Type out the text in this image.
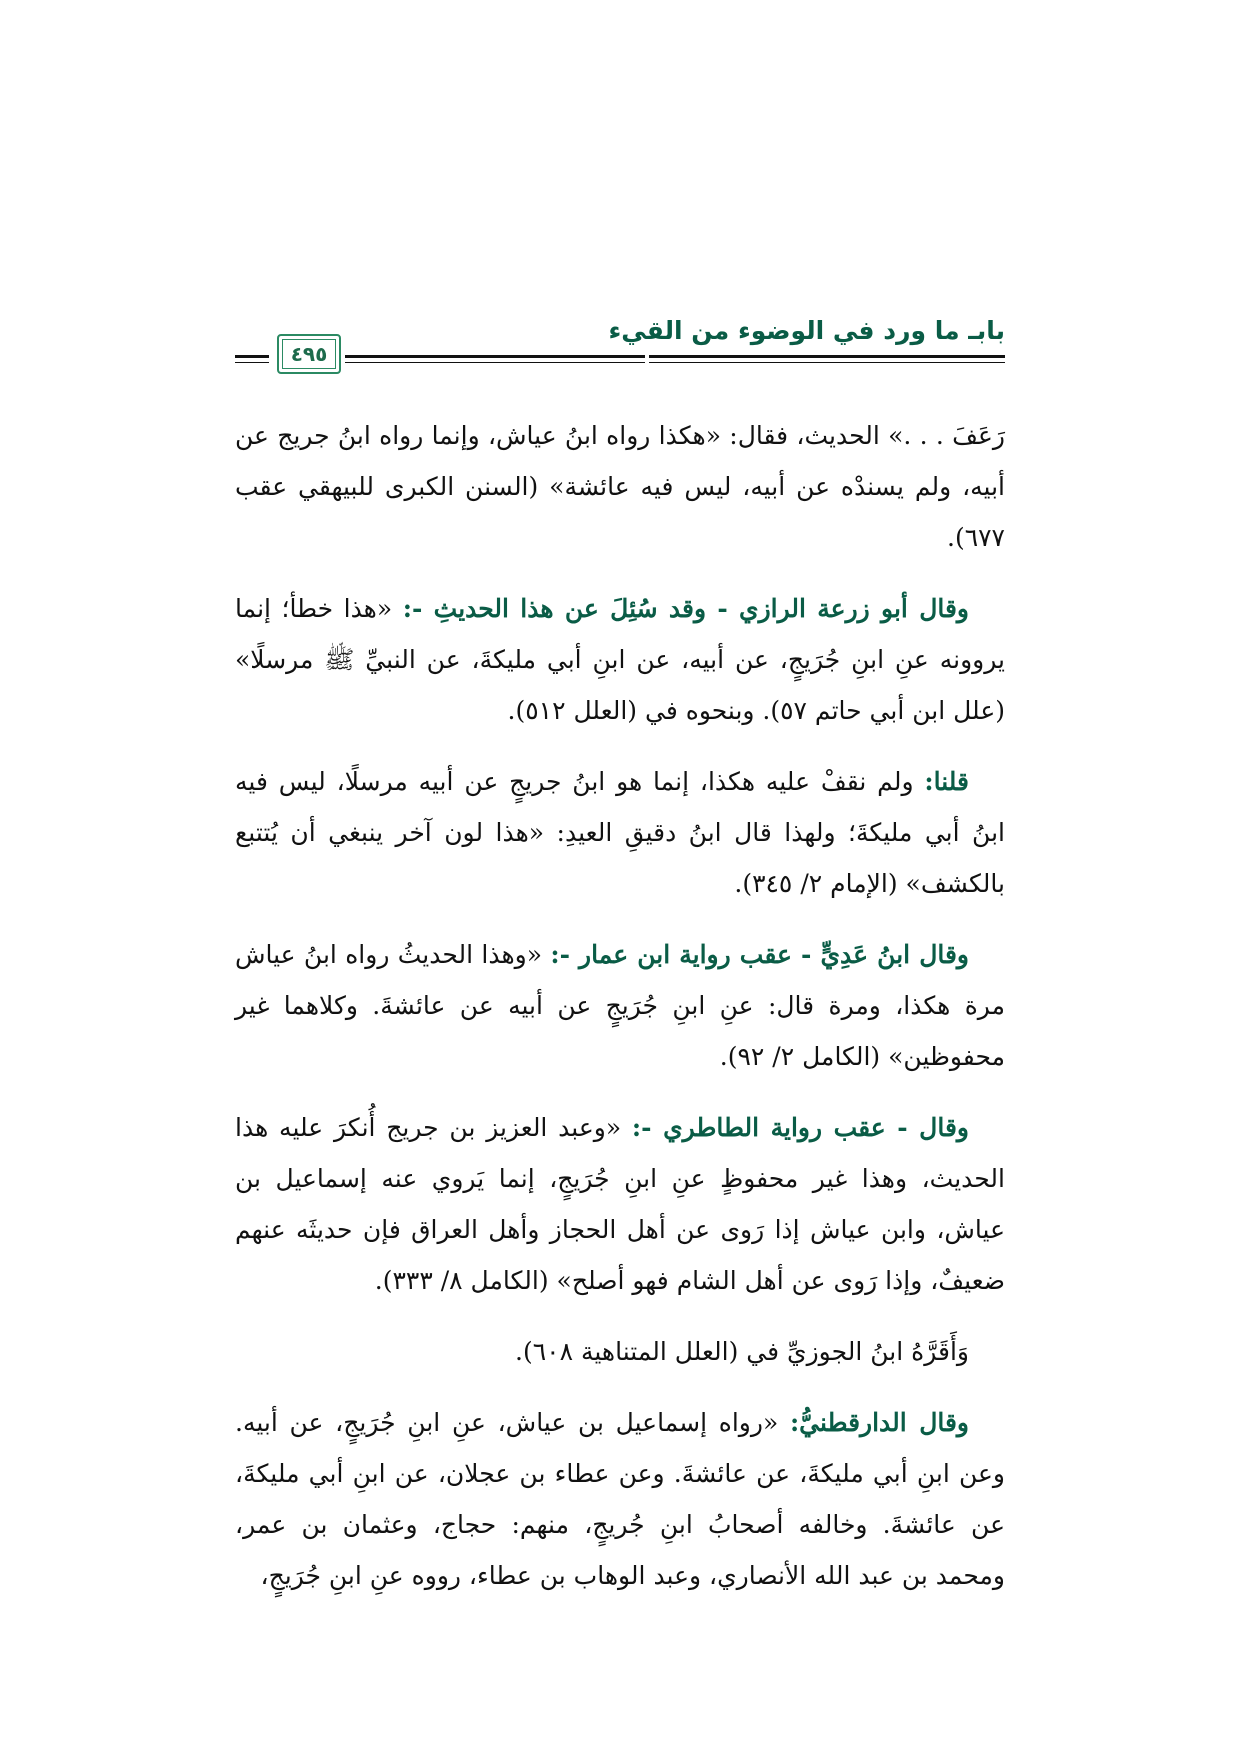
بابـ ما ورد في الوضوء من القيء
٤٩٥

رَعَفَ . . .» الحديث، فقال: «هكذا رواه ابنُ عياش، وإنما رواه ابنُ جريج عن أبيه، ولم يسندْه عن أبيه، ليس فيه عائشة» (السنن الكبرى للبيهقي عقب ٦٧٧).

وقال أبو زرعة الرازي - وقد سُئِلَ عن هذا الحديثِ -: «هذا خطأ؛ إنما يروونه عنِ ابنِ جُرَيجٍ، عن أبيه، عن ابنِ أبي مليكةَ، عن النبيِّ ﷺ مرسلًا» (علل ابن أبي حاتم ٥٧). وبنحوه في (العلل ٥١٢).

قلنا: ولم نقفْ عليه هكذا، إنما هو ابنُ جريجٍ عن أبيه مرسلًا، ليس فيه ابنُ أبي مليكةَ؛ ولهذا قال ابنُ دقيقِ العيدِ: «هذا لون آخر ينبغي أن يُتتبع بالكشف» (الإمام ٢/ ٣٤٥).

وقال ابنُ عَدِيٍّ - عقب رواية ابن عمار -: «وهذا الحديثُ رواه ابنُ عياش مرة هكذا، ومرة قال: عنِ ابنِ جُرَيجٍ عن أبيه عن عائشةَ. وكلاهما غير محفوظين» (الكامل ٢/ ٩٢).

وقال - عقب رواية الطاطري -: «وعبد العزيز بن جريج أُنكرَ عليه هذا الحديث، وهذا غير محفوظٍ عنِ ابنِ جُرَيجٍ، إنما يَروي عنه إسماعيل بن عياش، وابن عياش إذا رَوى عن أهل الحجاز وأهل العراق فإن حديثَه عنهم ضعيفٌ، وإذا رَوى عن أهل الشام فهو أصلح» (الكامل ٨/ ٣٣٣).

وَأَقَرَّهُ ابنُ الجوزيِّ في (العلل المتناهية ٦٠٨).

وقال الدارقطنيُّ: «رواه إسماعيل بن عياش، عنِ ابنِ جُرَيجٍ، عن أبيه. وعن ابنِ أبي مليكةَ، عن عائشةَ. وعن عطاء بن عجلان، عن ابنِ أبي مليكةَ، عن عائشةَ. وخالفه أصحابُ ابنِ جُريجٍ، منهم: حجاج، وعثمان بن عمر، ومحمد بن عبد الله الأنصاري، وعبد الوهاب بن عطاء، رووه عنِ ابنِ جُرَيجٍ،
